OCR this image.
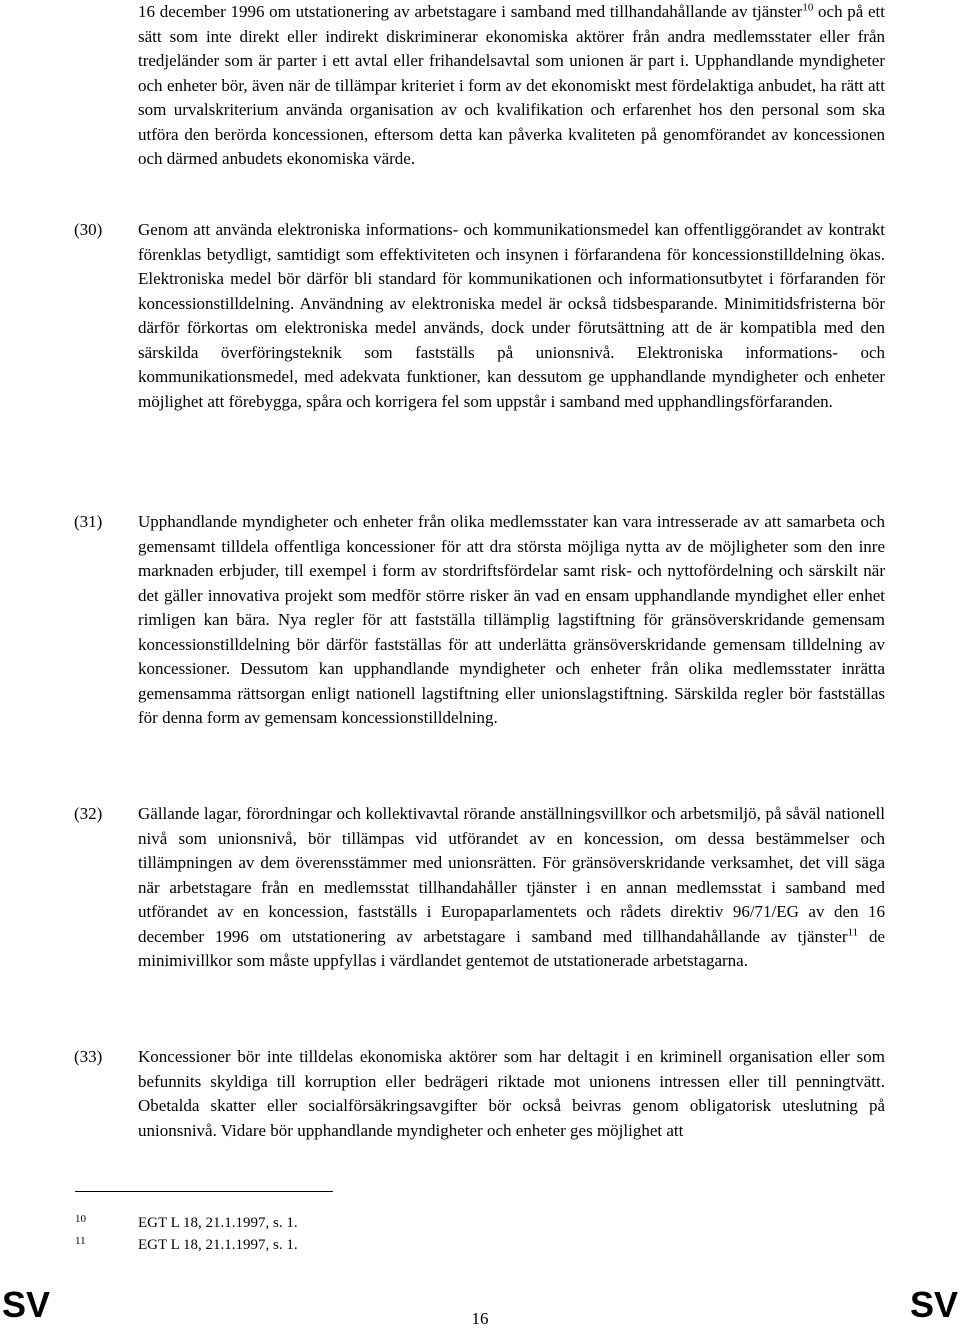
16 december 1996 om utstationering av arbetstagare i samband med tillhandahållande av tjänster$^{10}$ och på ett sätt som inte direkt eller indirekt diskriminerar ekonomiska aktörer från andra medlemsstater eller från tredjeländer som är parter i ett avtal eller frihandelsavtal som unionen är part i. Upphandlande myndigheter och enheter bör, även när de tillämpar kriteriet i form av det ekonomiskt mest fördelaktiga anbudet, ha rätt att som urvalskriterium använda organisation av och kvalifikation och erfarenhet hos den personal som ska utföra den berörda koncessionen, eftersom detta kan påverka kvaliteten på genomförandet av koncessionen och därmed anbudets ekonomiska värde.
(30)	Genom att använda elektroniska informations- och kommunikationsmedel kan offentliggörandet av kontrakt förenklas betydligt, samtidigt som effektiviteten och insynen i förfarandena för koncessionstilldelning ökas. Elektroniska medel bör därför bli standard för kommunikationen och informationsutbytet i förfaranden för koncessionstilldelning. Användning av elektroniska medel är också tidsbesparande. Minimitidsfristerna bör därför förkortas om elektroniska medel används, dock under förutsättning att de är kompatibla med den särskilda överföringsteknik som fastställs på unionsnivå. Elektroniska informations- och kommunikationsmedel, med adekvata funktioner, kan dessutom ge upphandlande myndigheter och enheter möjlighet att förebygga, spåra och korrigera fel som uppstår i samband med upphandlingsförfaranden.
(31)	Upphandlande myndigheter och enheter från olika medlemsstater kan vara intresserade av att samarbeta och gemensamt tilldela offentliga koncessioner för att dra största möjliga nytta av de möjligheter som den inre marknaden erbjuder, till exempel i form av stordriftsfördelar samt risk- och nyttofördelning och särskilt när det gäller innovativa projekt som medför större risker än vad en ensam upphandlande myndighet eller enhet rimligen kan bära. Nya regler för att fastställa tillämplig lagstiftning för gränsöverskridande gemensam koncessionstilldelning bör därför fastställas för att underlätta gränsöverskridande gemensam tilldelning av koncessioner. Dessutom kan upphandlande myndigheter och enheter från olika medlemsstater inrätta gemensamma rättsorgan enligt nationell lagstiftning eller unionslagstiftning. Särskilda regler bör fastställas för denna form av gemensam koncessionstilldelning.
(32)	Gällande lagar, förordningar och kollektivavtal rörande anställningsvillkor och arbetsmiljö, på såväl nationell nivå som unionsnivå, bör tillämpas vid utförandet av en koncession, om dessa bestämmelser och tillämpningen av dem överensstämmer med unionsrätten. För gränsöverskridande verksamhet, det vill säga när arbetstagare från en medlemsstat tillhandahåller tjänster i en annan medlemsstat i samband med utförandet av en koncession, fastställs i Europaparlamentets och rådets direktiv 96/71/EG av den 16 december 1996 om utstationering av arbetstagare i samband med tillhandahållande av tjänster$^{11}$ de minimivillkor som måste uppfyllas i värdlandet gentemot de utstationerade arbetstagarna.
(33)	Koncessioner bör inte tilldelas ekonomiska aktörer som har deltagit i en kriminell organisation eller som befunnits skyldiga till korruption eller bedrägeri riktade mot unionens intressen eller till penningtvätt. Obetalda skatter eller socialförsäkringsavgifter bör också beivras genom obligatorisk uteslutning på unionsnivå. Vidare bör upphandlande myndigheter och enheter ges möjlighet att
10	EGT L 18, 21.1.1997, s. 1.
11	EGT L 18, 21.1.1997, s. 1.
SV	16	SV
